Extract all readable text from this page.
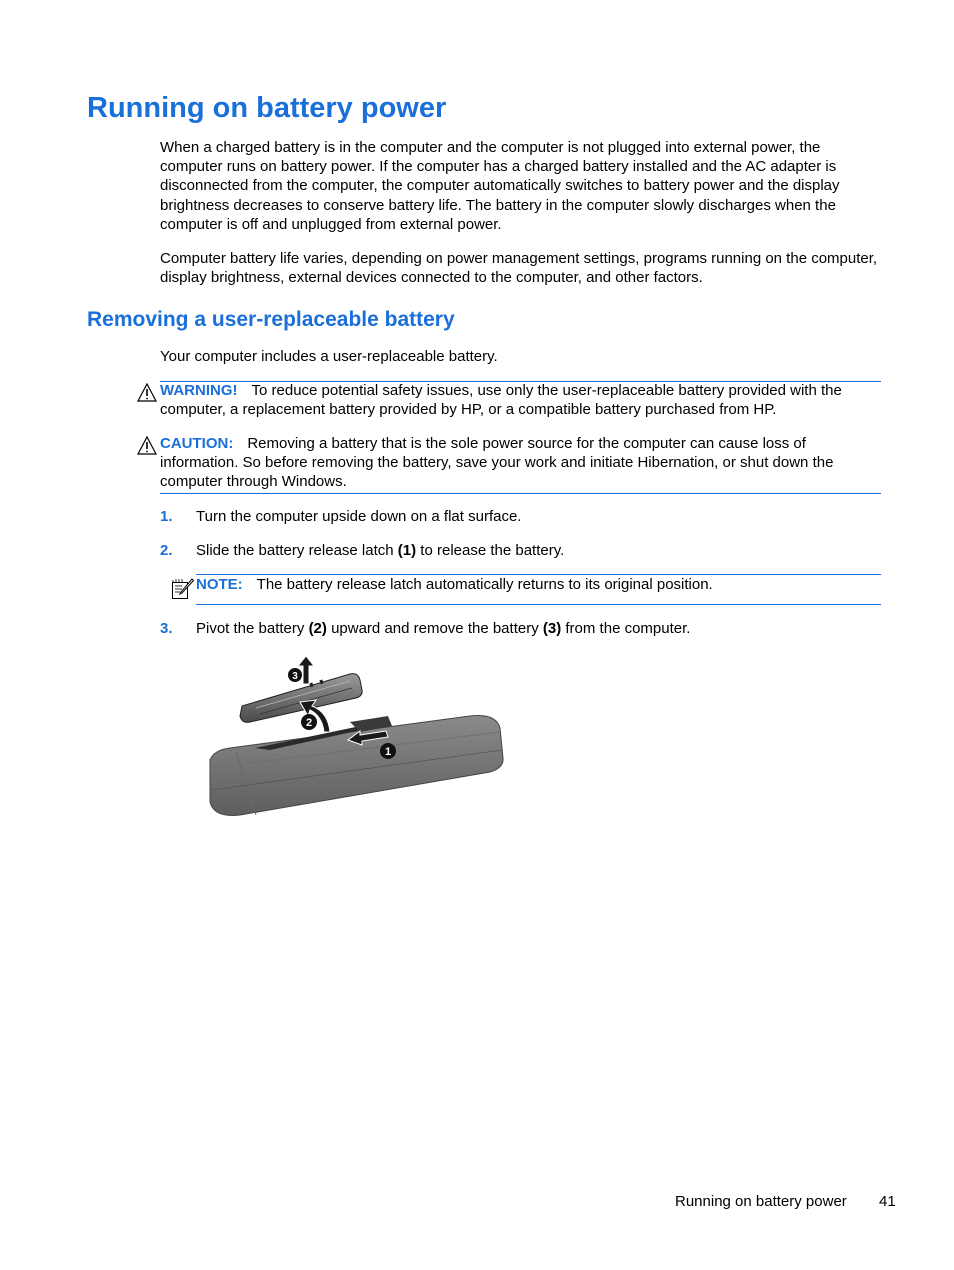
Running on battery power

When a charged battery is in the computer and the computer is not plugged into external power, the computer runs on battery power. If the computer has a charged battery installed and the AC adapter is disconnected from the computer, the computer automatically switches to battery power and the display brightness decreases to conserve battery life. The battery in the computer slowly discharges when the computer is off and unplugged from external power.

Computer battery life varies, depending on power management settings, programs running on the computer, display brightness, external devices connected to the computer, and other factors.

Removing a user-replaceable battery

Your computer includes a user-replaceable battery.

WARNING! To reduce potential safety issues, use only the user-replaceable battery provided with the computer, a replacement battery provided by HP, or a compatible battery purchased from HP.
CAUTION: Removing a battery that is the sole power source for the computer can cause loss of information. So before removing the battery, save your work and initiate Hibernation, or shut down the computer through Windows.
1. Turn the computer upside down on a flat surface.

2. Slide the battery release latch (1) to release the battery.

NOTE: The battery release latch automatically returns to its original position.
3. Pivot the battery (2) upward and remove the battery (3) from the computer.

1
2
3
Running on battery power 41
